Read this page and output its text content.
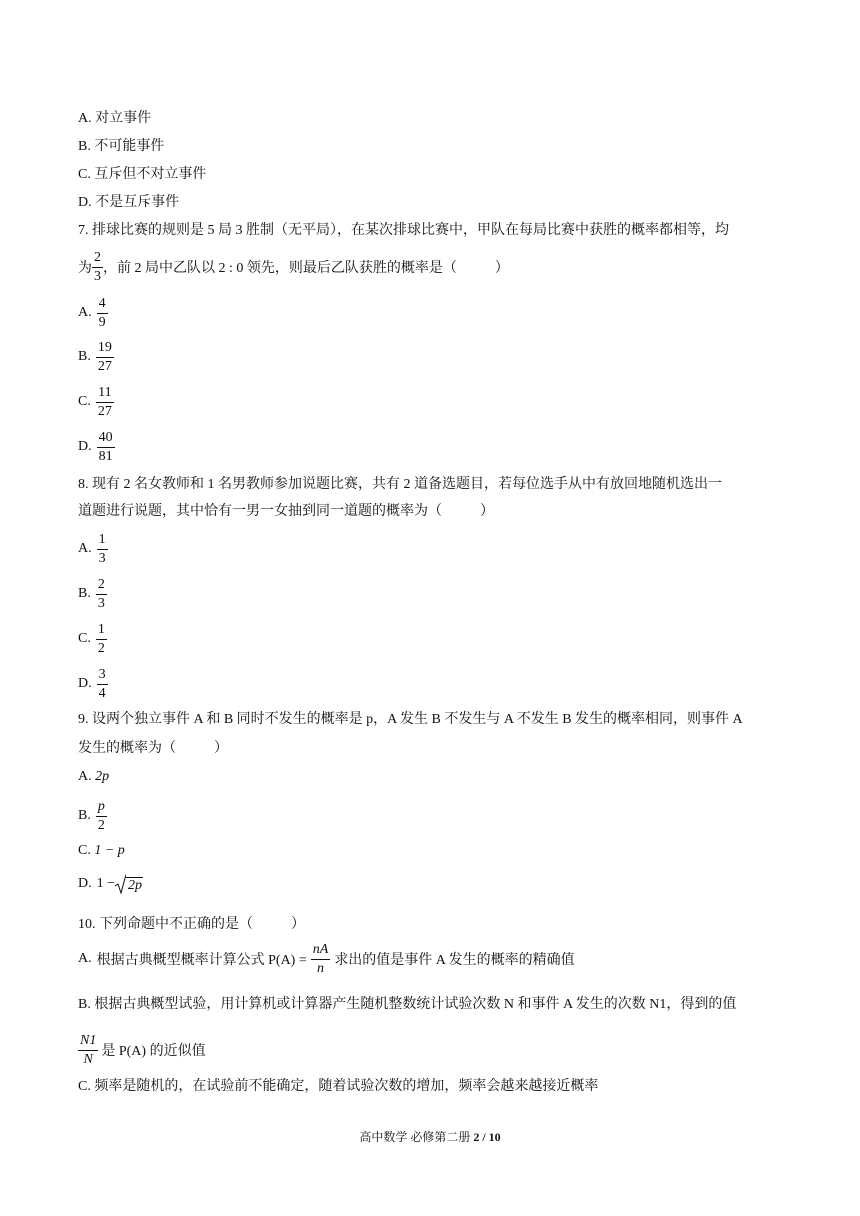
A. 对立事件
B. 不可能事件
C. 互斥但不对立事件
D. 不是互斥事件
7. 排球比赛的规则是 5 局 3 胜制（无平局），在某次排球比赛中，甲队在每局比赛中获胜的概率都相等，均
为 $\frac{2}{3}$ ，前 2 局中乙队以 2 : 0 领先，则最后乙队获胜的概率是（	）
A. $\frac{4}{9}$
B. $\frac{19}{27}$
C. $\frac{11}{27}$
D. $\frac{40}{81}$
8. 现有 2 名女教师和 1 名男教师参加说题比赛，共有 2 道备选题目，若每位选手从中有放回地随机选出一
道题进行说题，其中恰有一男一女抽到同一道题的概率为（	）
A. $\frac{1}{3}$
B. $\frac{2}{3}$
C. $\frac{1}{2}$
D. $\frac{3}{4}$
9. 设两个独立事件 A 和 B 同时不发生的概率是 p，A 发生 B 不发生与 A 不发生 B 发生的概率相同，则事件 A
发生的概率为（	）
A. 2p
B. $\frac{p}{2}$
C. 1 − p
D. 1 − 2p
10. 下列命题中不正确的是（	）
A. 根据古典概型概率计算公式 $P(A) = \frac{nA}{n}$ 求出的值是事件 A 发生的概率的精确值
B. 根据古典概型试验，用计算机或计算器产生随机整数统计试验次数 N 和事件 A 发生的次数 N1，得到的值
$\frac{N1}{N}$ 是 P(A) 的近似值
C. 频率是随机的，在试验前不能确定，随着试验次数的增加，频率会越来越接近概率
高中数学 必修第二册 2 / 10
